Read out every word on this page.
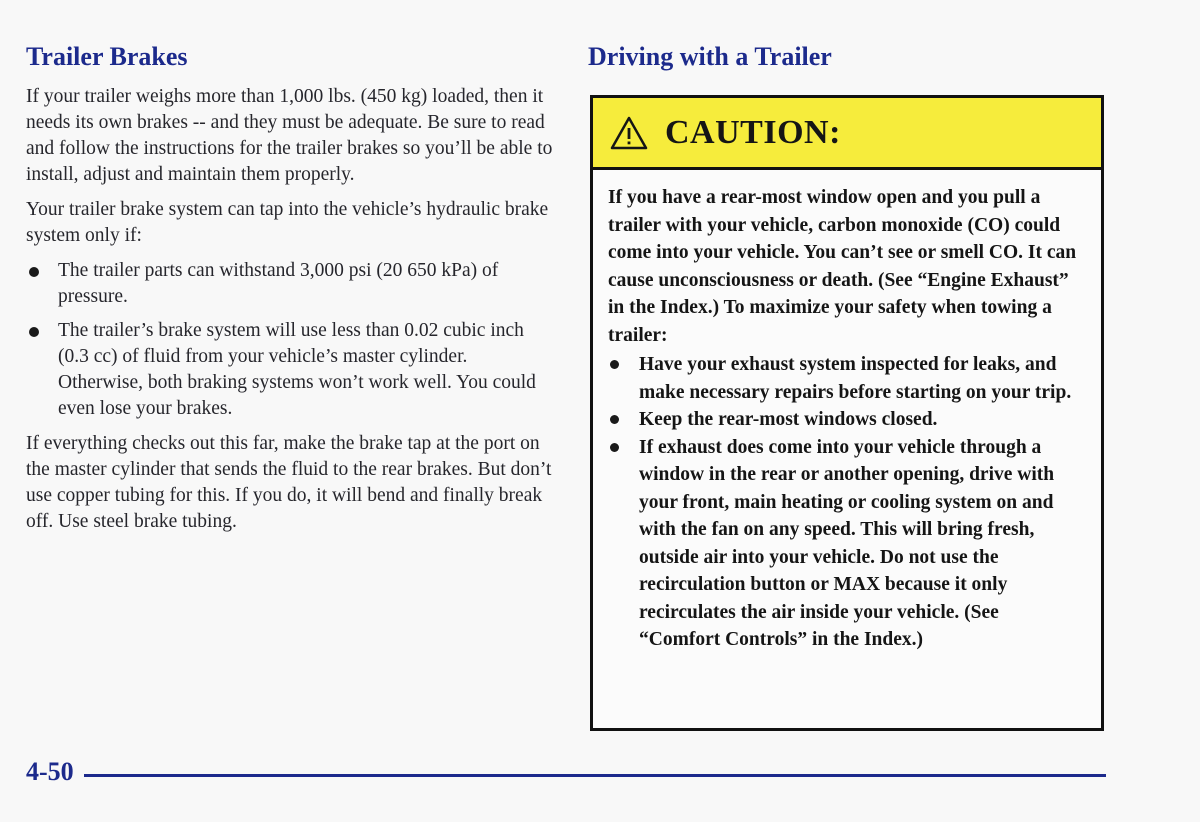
Trailer Brakes

If your trailer weighs more than 1,000 lbs. (450 kg) loaded, then it needs its own brakes -- and they must be adequate. Be sure to read and follow the instructions for the trailer brakes so you’ll be able to install, adjust and maintain them properly.

Your trailer brake system can tap into the vehicle’s hydraulic brake system only if:

The trailer parts can withstand 3,000 psi (20 650 kPa) of pressure.
The trailer’s brake system will use less than 0.02 cubic inch (0.3 cc) of fluid from your vehicle’s master cylinder. Otherwise, both braking systems won’t work well. You could even lose your brakes.

If everything checks out this far, make the brake tap at the port on the master cylinder that sends the fluid to the rear brakes. But don’t use copper tubing for this. If you do, it will bend and finally break off. Use steel brake tubing.

Driving with a Trailer
CAUTION:

If you have a rear-most window open and you pull a trailer with your vehicle, carbon monoxide (CO) could come into your vehicle. You can’t see or smell CO. It can cause unconsciousness or death. (See “Engine Exhaust” in the Index.) To maximize your safety when towing a trailer:

Have your exhaust system inspected for leaks, and make necessary repairs before starting on your trip.
Keep the rear-most windows closed.
If exhaust does come into your vehicle through a window in the rear or another opening, drive with your front, main heating or cooling system on and with the fan on any speed. This will bring fresh, outside air into your vehicle. Do not use the recirculation button or MAX because it only recirculates the air inside your vehicle. (See “Comfort Controls” in the Index.)
4-50
